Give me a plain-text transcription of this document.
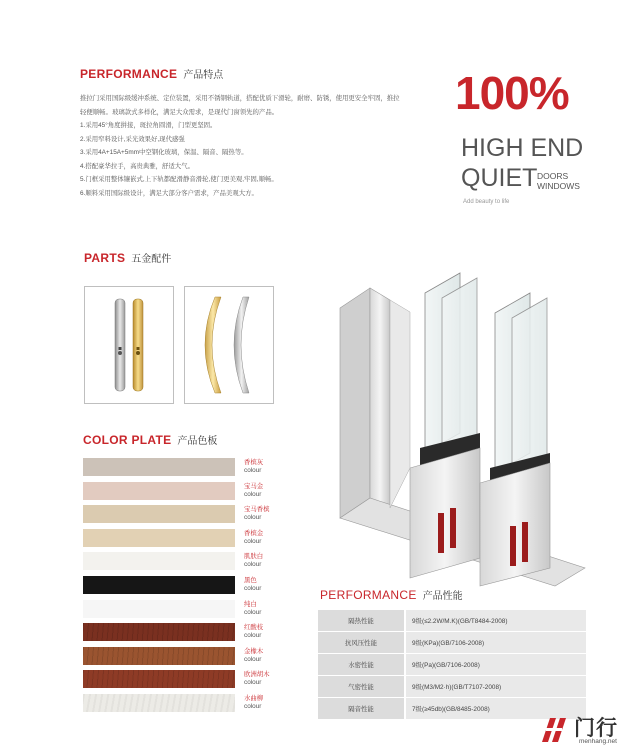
PERFORMANCE 产品特点

推拉门采用国际级缓冲系统、定位装置，采用不锈钢轨道，搭配优质下滑轮，耐磨、防锈，使用更安全牢固，推拉轻便顺畅。玻璃款式多样化，满足大众需求，是现代门窗领先的产品。

1.采用45°角度拼接，斑拉角圆滑，门型更坚固。

2.采用窄料设计,采光效果好,现代感强

3.采用4A+15A+5mm中空钢化玻璃，保温、隔音、隔热等。

4.搭配豪华拉手，高贵典雅，舒适大气。

5.门框采用整体镶嵌式,上下轨都配滑静音滑轮,使门更美观,牢固,顺畅。

6.顺料采用国际级设计，满足大部分客户需求，产品美观大方。

100%
HIGH END
QUIET DOORS
WINDOWS
Add beauty to life
PARTS 五金配件
COLOR PLATE 产品色板
香槟灰
colour
宝马金
colour
宝马香槟
colour
香槟金
colour
肌肤白
colour
黑色
colour
纯白
colour
红酸枝
colour
金橡木
colour
欧洲胡木
colour
水曲柳
colour
PERFORMANCE 产品性能
隔热性能		9级(≤2.2W/M.K)(GB/T8484-2008)
抗风压性能		9级(KPa)(GB/7106-2008)
水密性能		9级(Pa)(GB/7106-2008)
气密性能		9级(M3/M2·h)(GB/T7107-2008)
隔音性能		7级(≥45db)(GB/8485-2008)
门行
menhang.net
